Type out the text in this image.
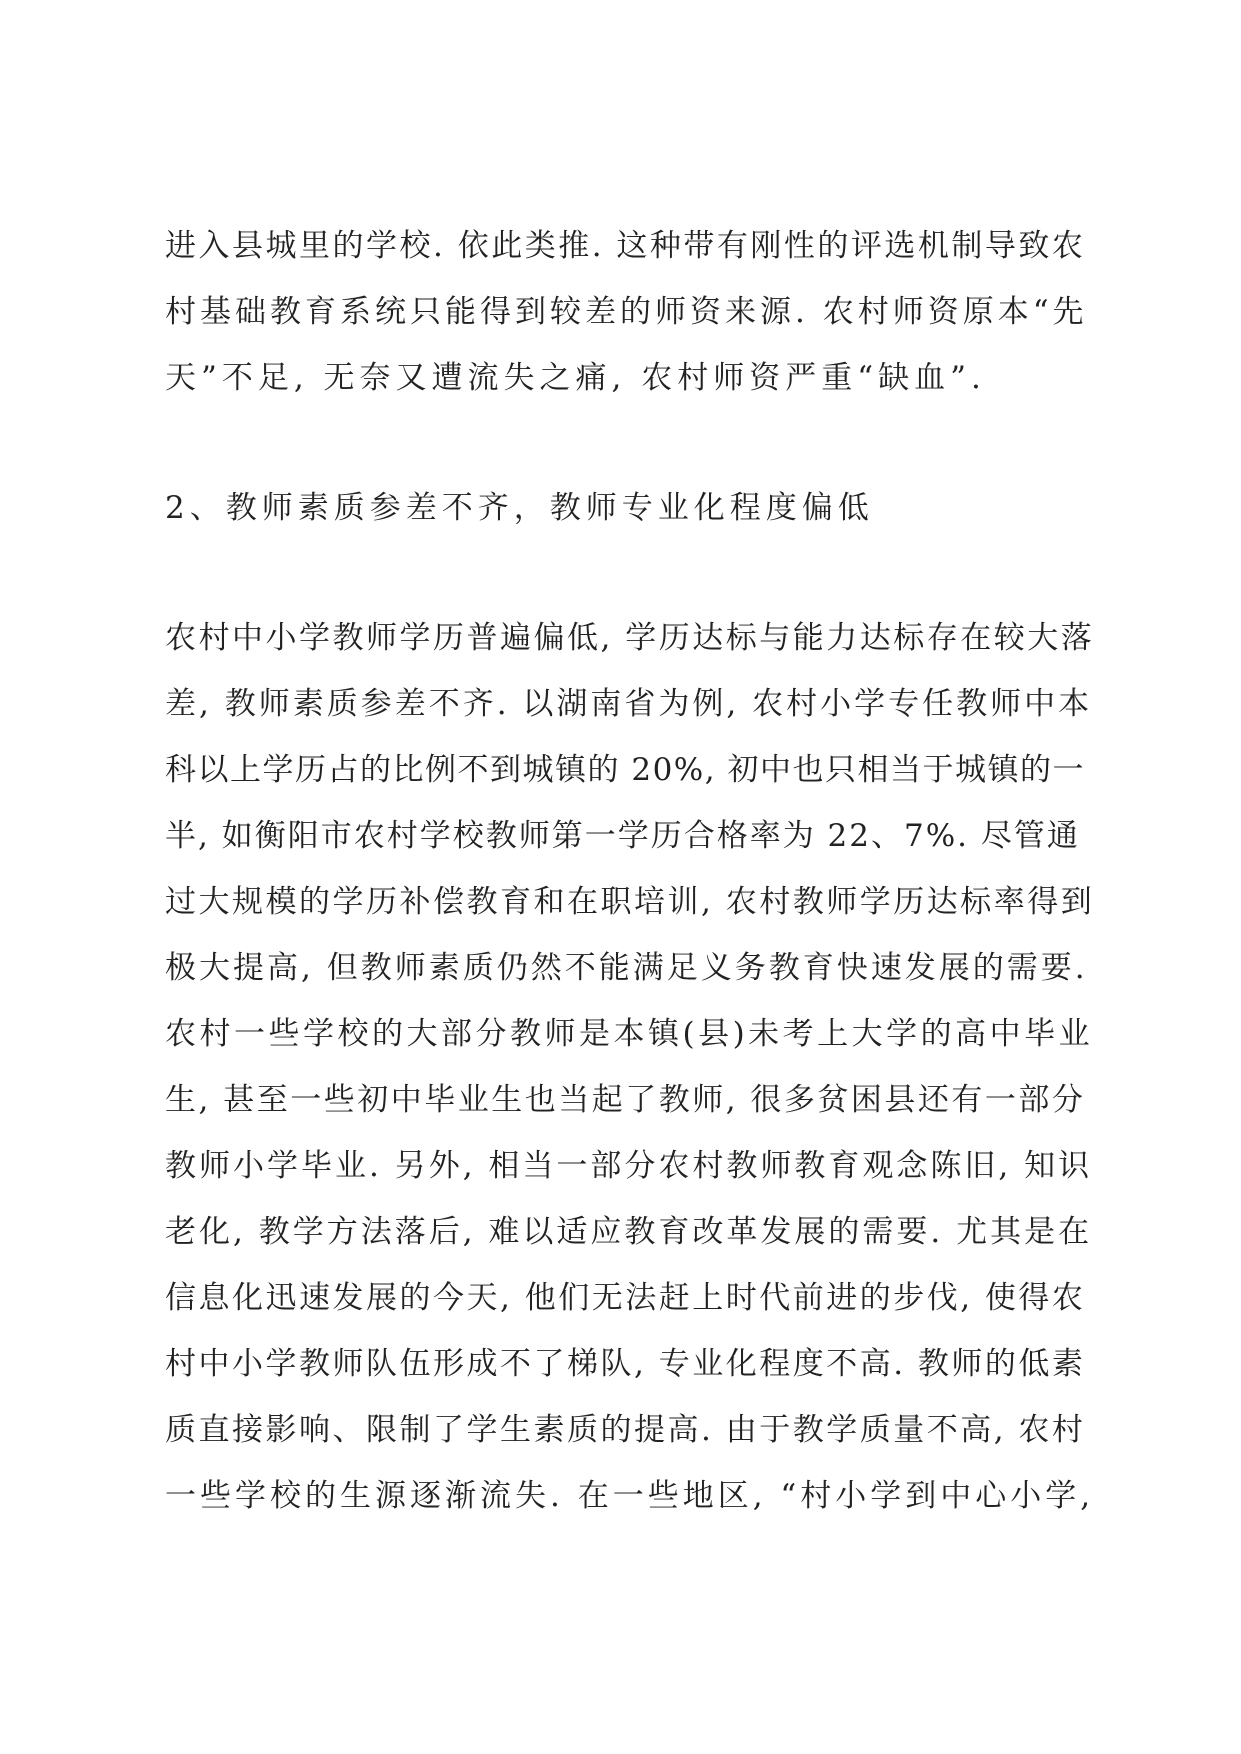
进入县城里的学校. 依此类推. 这种带有刚性的评选机制导致农
村基础教育系统只能得到较差的师资来源. 农村师资原本“先
天”不足, 无奈又遭流失之痛, 农村师资严重“缺血”.
2、教师素质参差不齐，教师专业化程度偏低
农村中小学教师学历普遍偏低, 学历达标与能力达标存在较大落
差, 教师素质参差不齐. 以湖南省为例, 农村小学专任教师中本
科以上学历占的比例不到城镇的 20%, 初中也只相当于城镇的一
半, 如衡阳市农村学校教师第一学历合格率为 22、7%. 尽管通
过大规模的学历补偿教育和在职培训, 农村教师学历达标率得到
极大提高, 但教师素质仍然不能满足义务教育快速发展的需要.
农村一些学校的大部分教师是本镇(县)未考上大学的高中毕业
生, 甚至一些初中毕业生也当起了教师, 很多贫困县还有一部分
教师小学毕业. 另外, 相当一部分农村教师教育观念陈旧, 知识
老化, 教学方法落后, 难以适应教育改革发展的需要. 尤其是在
信息化迅速发展的今天, 他们无法赶上时代前进的步伐, 使得农
村中小学教师队伍形成不了梯队, 专业化程度不高. 教师的低素
质直接影响、限制了学生素质的提高. 由于教学质量不高, 农村
一些学校的生源逐渐流失. 在一些地区, “村小学到中心小学,
